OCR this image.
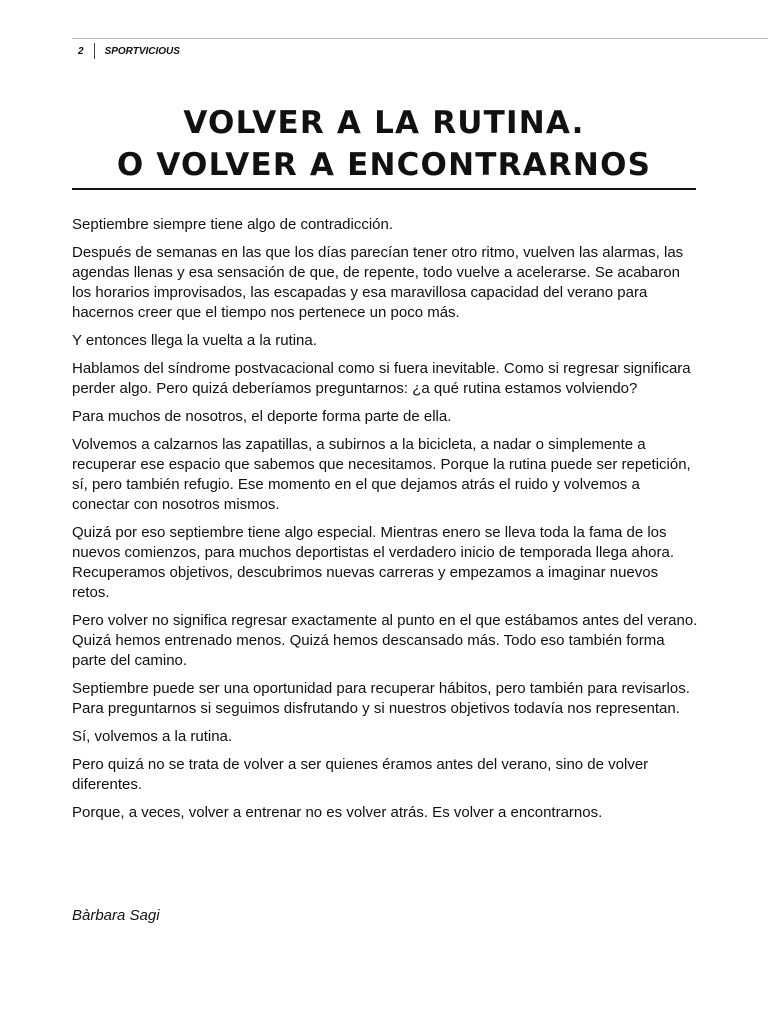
2	SPORTVICIOUS
VOLVER A LA RUTINA.
O VOLVER A ENCONTRARNOS

Septiembre siempre tiene algo de contradicción.

Después de semanas en las que los días parecían tener otro ritmo, vuelven las alarmas, las agendas llenas y esa sensación de que, de repente, todo vuelve a acelerarse. Se acabaron los horarios improvisados, las escapadas y esa maravillosa capacidad del verano para hacernos creer que el tiempo nos pertenece un poco más.

Y entonces llega la vuelta a la rutina.

Hablamos del síndrome postvacacional como si fuera inevitable. Como si regresar significara perder algo. Pero quizá deberíamos preguntarnos: ¿a qué rutina estamos volviendo?

Para muchos de nosotros, el deporte forma parte de ella.

Volvemos a calzarnos las zapatillas, a subirnos a la bicicleta, a nadar o simplemente a recuperar ese espacio que sabemos que necesitamos. Porque la rutina puede ser repetición, sí, pero también refugio. Ese momento en el que dejamos atrás el ruido y volvemos a conectar con nosotros mismos.

Quizá por eso septiembre tiene algo especial. Mientras enero se lleva toda la fama de los nuevos comienzos, para muchos deportistas el verdadero inicio de temporada llega ahora. Recuperamos objetivos, descubrimos nuevas carreras y empezamos a imaginar nuevos retos.

Pero volver no significa regresar exactamente al punto en el que estábamos antes del verano. Quizá hemos entrenado menos. Quizá hemos descansado más. Todo eso también forma parte del camino.

Septiembre puede ser una oportunidad para recuperar hábitos, pero también para revisarlos. Para preguntarnos si seguimos disfrutando y si nuestros objetivos todavía nos representan.

Sí, volvemos a la rutina.

Pero quizá no se trata de volver a ser quienes éramos antes del verano, sino de volver diferentes.

Porque, a veces, volver a entrenar no es volver atrás. Es volver a encontrarnos.

Bàrbara Sagi
